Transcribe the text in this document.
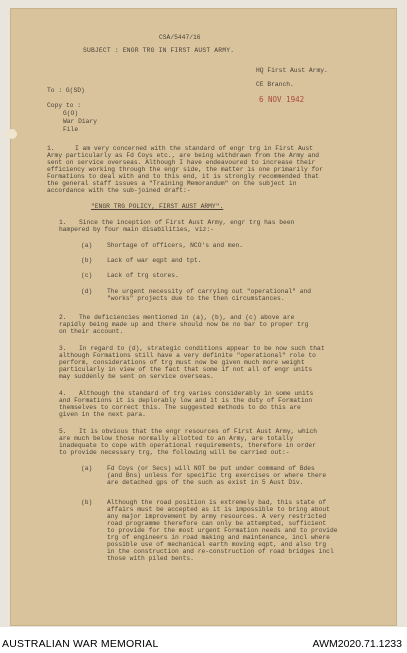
CSA/5447/16
SUBJECT : ENGR TRG IN FIRST AUST ARMY.
HQ First Aust Army.
CE Branch.
6 NOV 1942
To : G(SD)
Copy to :
G(O)
War Diary
File
1.	I am very concerned with the standard of engr trg in First Aust
Army particularly as Fd Coys etc., are being withdrawn from the Army and
sent on service overseas. Although I have endeavoured to increase their
efficiency working through the engr side, the matter is one primarily for
Formations to deal with and to this end, it is strongly recommended that
the general staff issues a "Training Memorandum" on the subject in
accordance with the sub-joined draft:-
"ENGR TRG POLICY, FIRST AUST ARMY".
1. Since the inception of First Aust Army, engr trg has been
hampered by four main disabilities, viz:-
(a) Shortage of officers, NCO's and men.
(b) Lack of war eqpt and tpt.
(c) Lack of trg stores.
(d) The urgent necessity of carrying out "operational" and
"works" projects due to the then circumstances.
2. The deficiencies mentioned in (a), (b), and (c) above are
rapidly being made up and there should now be no bar to proper trg
on their account.
3. In regard to (d), strategic conditions appear to be now such that
although Formations still have a very definite "operational" role to
perform, considerations of trg must now be given much more weight
particularly in view of the fact that some if not all of engr units
may suddenly be sent on service overseas.
4. Although the standard of trg varies considerably in some units
and Formations it is deplorably low and it is the duty of Formation
themselves to correct this. The suggested methods to do this are
given in the next para.
5. It is obvious that the engr resources of First Aust Army, which
are much below those normally allotted to an Army, are totally
inadequate to cope with operational requirements, therefore in order
to provide necessary trg, the following will be carried out:-
(a) Fd Coys (or Secs) will NOT be put under command of Bdes
(and Bns) unless for specific trg exercises or where there
are detached gps of the such as exist in 5 Aust Div.
(b) Although the road position is extremely bad, this state of
affairs must be accepted as it is impossible to bring about
any major improvement by army resources. A very restricted
road programme therefore can only be attempted, sufficient
to provide for the most urgent Formation needs and to provide
trg of engineers in road making and maintenance, incl where
possible use of mechanical earth moving eqpt, and also trg
in the construction and re-construction of road bridges incl
those with piled bents.
AUSTRALIAN WAR MEMORIAL	AWM2020.71.1233
